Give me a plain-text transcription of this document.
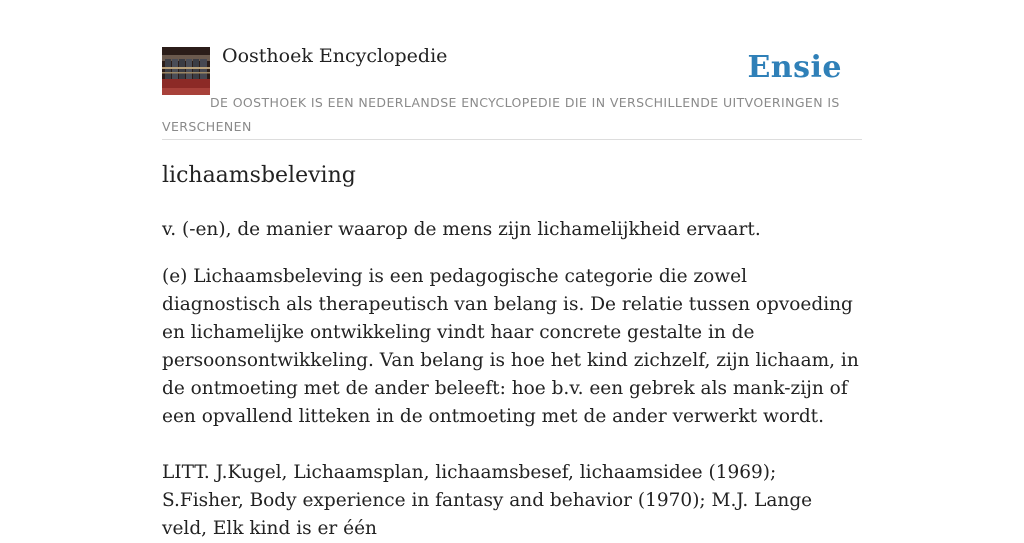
Oosthoek Encyclopedie	Ensie
DE OOSTHOEK IS EEN NEDERLANDSE ENCYCLOPEDIE DIE IN VERSCHILLENDE UITVOERINGEN IS VERSCHENEN
lichaamsbeleving

v. (-en), de manier waarop de mens zijn lichamelijkheid ervaart.

(e) Lichaamsbeleving is een pedagogische categorie die zowel diagnostisch als therapeutisch van belang is. De relatie tussen opvoeding en lichamelijke ontwikkeling vindt haar concrete gestalte in de persoonsontwikkeling. Van belang is hoe het kind zichzelf, zijn lichaam, in de ontmoeting met de ander beleeft: hoe b.v. een gebrek als mank-zijn of een opvallend litteken in de ontmoeting met de ander verwerkt wordt.

LITT. J.Kugel, Lichaamsplan, lichaamsbesef, lichaamsidee (1969); S.Fisher, Body experience in fantasy and behavior (1970); M.J. Lange veld, Elk kind is er één
